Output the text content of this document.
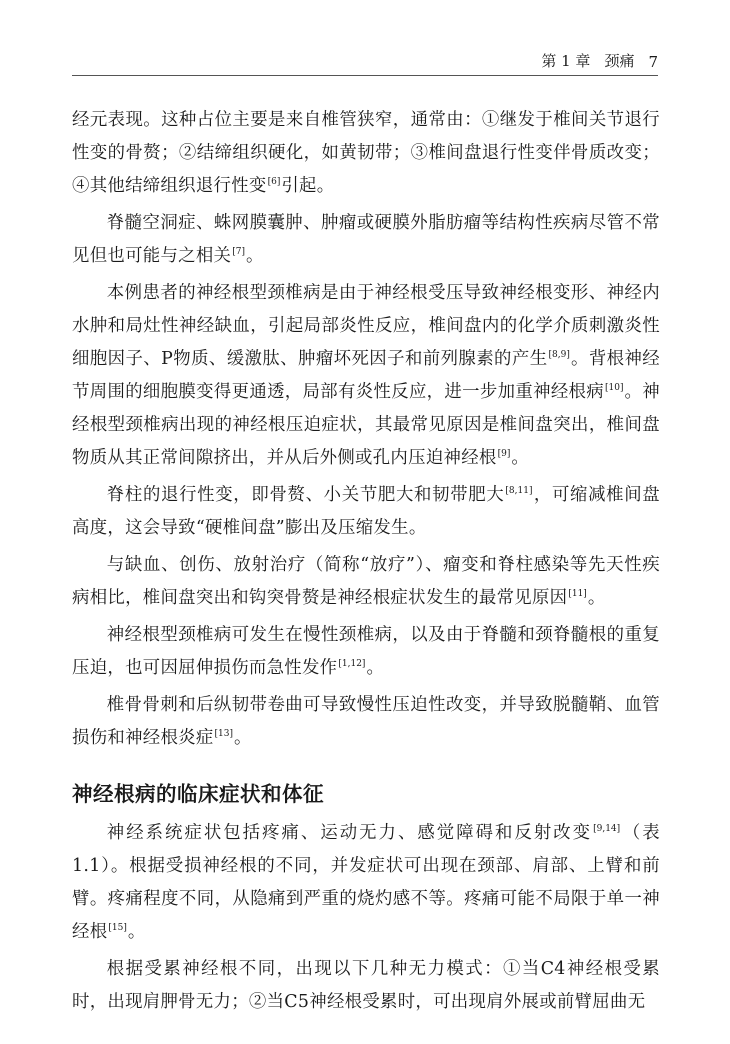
第 1 章 颈痛 7

经元表现。这种占位主要是来自椎管狭窄，通常由：①继发于椎间关节退行性变的骨赘；②结缔组织硬化，如黄韧带；③椎间盘退行性变伴骨质改变；④其他结缔组织退行性变[6]引起。

脊髓空洞症、蛛网膜囊肿、肿瘤或硬膜外脂肪瘤等结构性疾病尽管不常见但也可能与之相关[7]。

本例患者的神经根型颈椎病是由于神经根受压导致神经根变形、神经内水肿和局灶性神经缺血，引起局部炎性反应，椎间盘内的化学介质刺激炎性细胞因子、P物质、缓激肽、肿瘤坏死因子和前列腺素的产生[8,9]。背根神经节周围的细胞膜变得更通透，局部有炎性反应，进一步加重神经根病[10]。神经根型颈椎病出现的神经根压迫症状，其最常见原因是椎间盘突出，椎间盘物质从其正常间隙挤出，并从后外侧或孔内压迫神经根[9]。

脊柱的退行性变，即骨赘、小关节肥大和韧带肥大[8,11]，可缩减椎间盘高度，这会导致“硬椎间盘”膨出及压缩发生。

与缺血、创伤、放射治疗（简称“放疗”）、瘤变和脊柱感染等先天性疾病相比，椎间盘突出和钩突骨赘是神经根症状发生的最常见原因[11]。

神经根型颈椎病可发生在慢性颈椎病，以及由于脊髓和颈脊髓根的重复压迫，也可因屈伸损伤而急性发作[1,12]。

椎骨骨刺和后纵韧带卷曲可导致慢性压迫性改变，并导致脱髓鞘、血管损伤和神经根炎症[13]。

神经根病的临床症状和体征

神经系统症状包括疼痛、运动无力、感觉障碍和反射改变[9,14]（表 1.1）。根据受损神经根的不同，并发症状可出现在颈部、肩部、上臂和前臂。疼痛程度不同，从隐痛到严重的烧灼感不等。疼痛可能不局限于单一神经根[15]。

根据受累神经根不同，出现以下几种无力模式：①当C4神经根受累时，出现肩胛骨无力；②当C5神经根受累时，可出现肩外展或前臂屈曲无
